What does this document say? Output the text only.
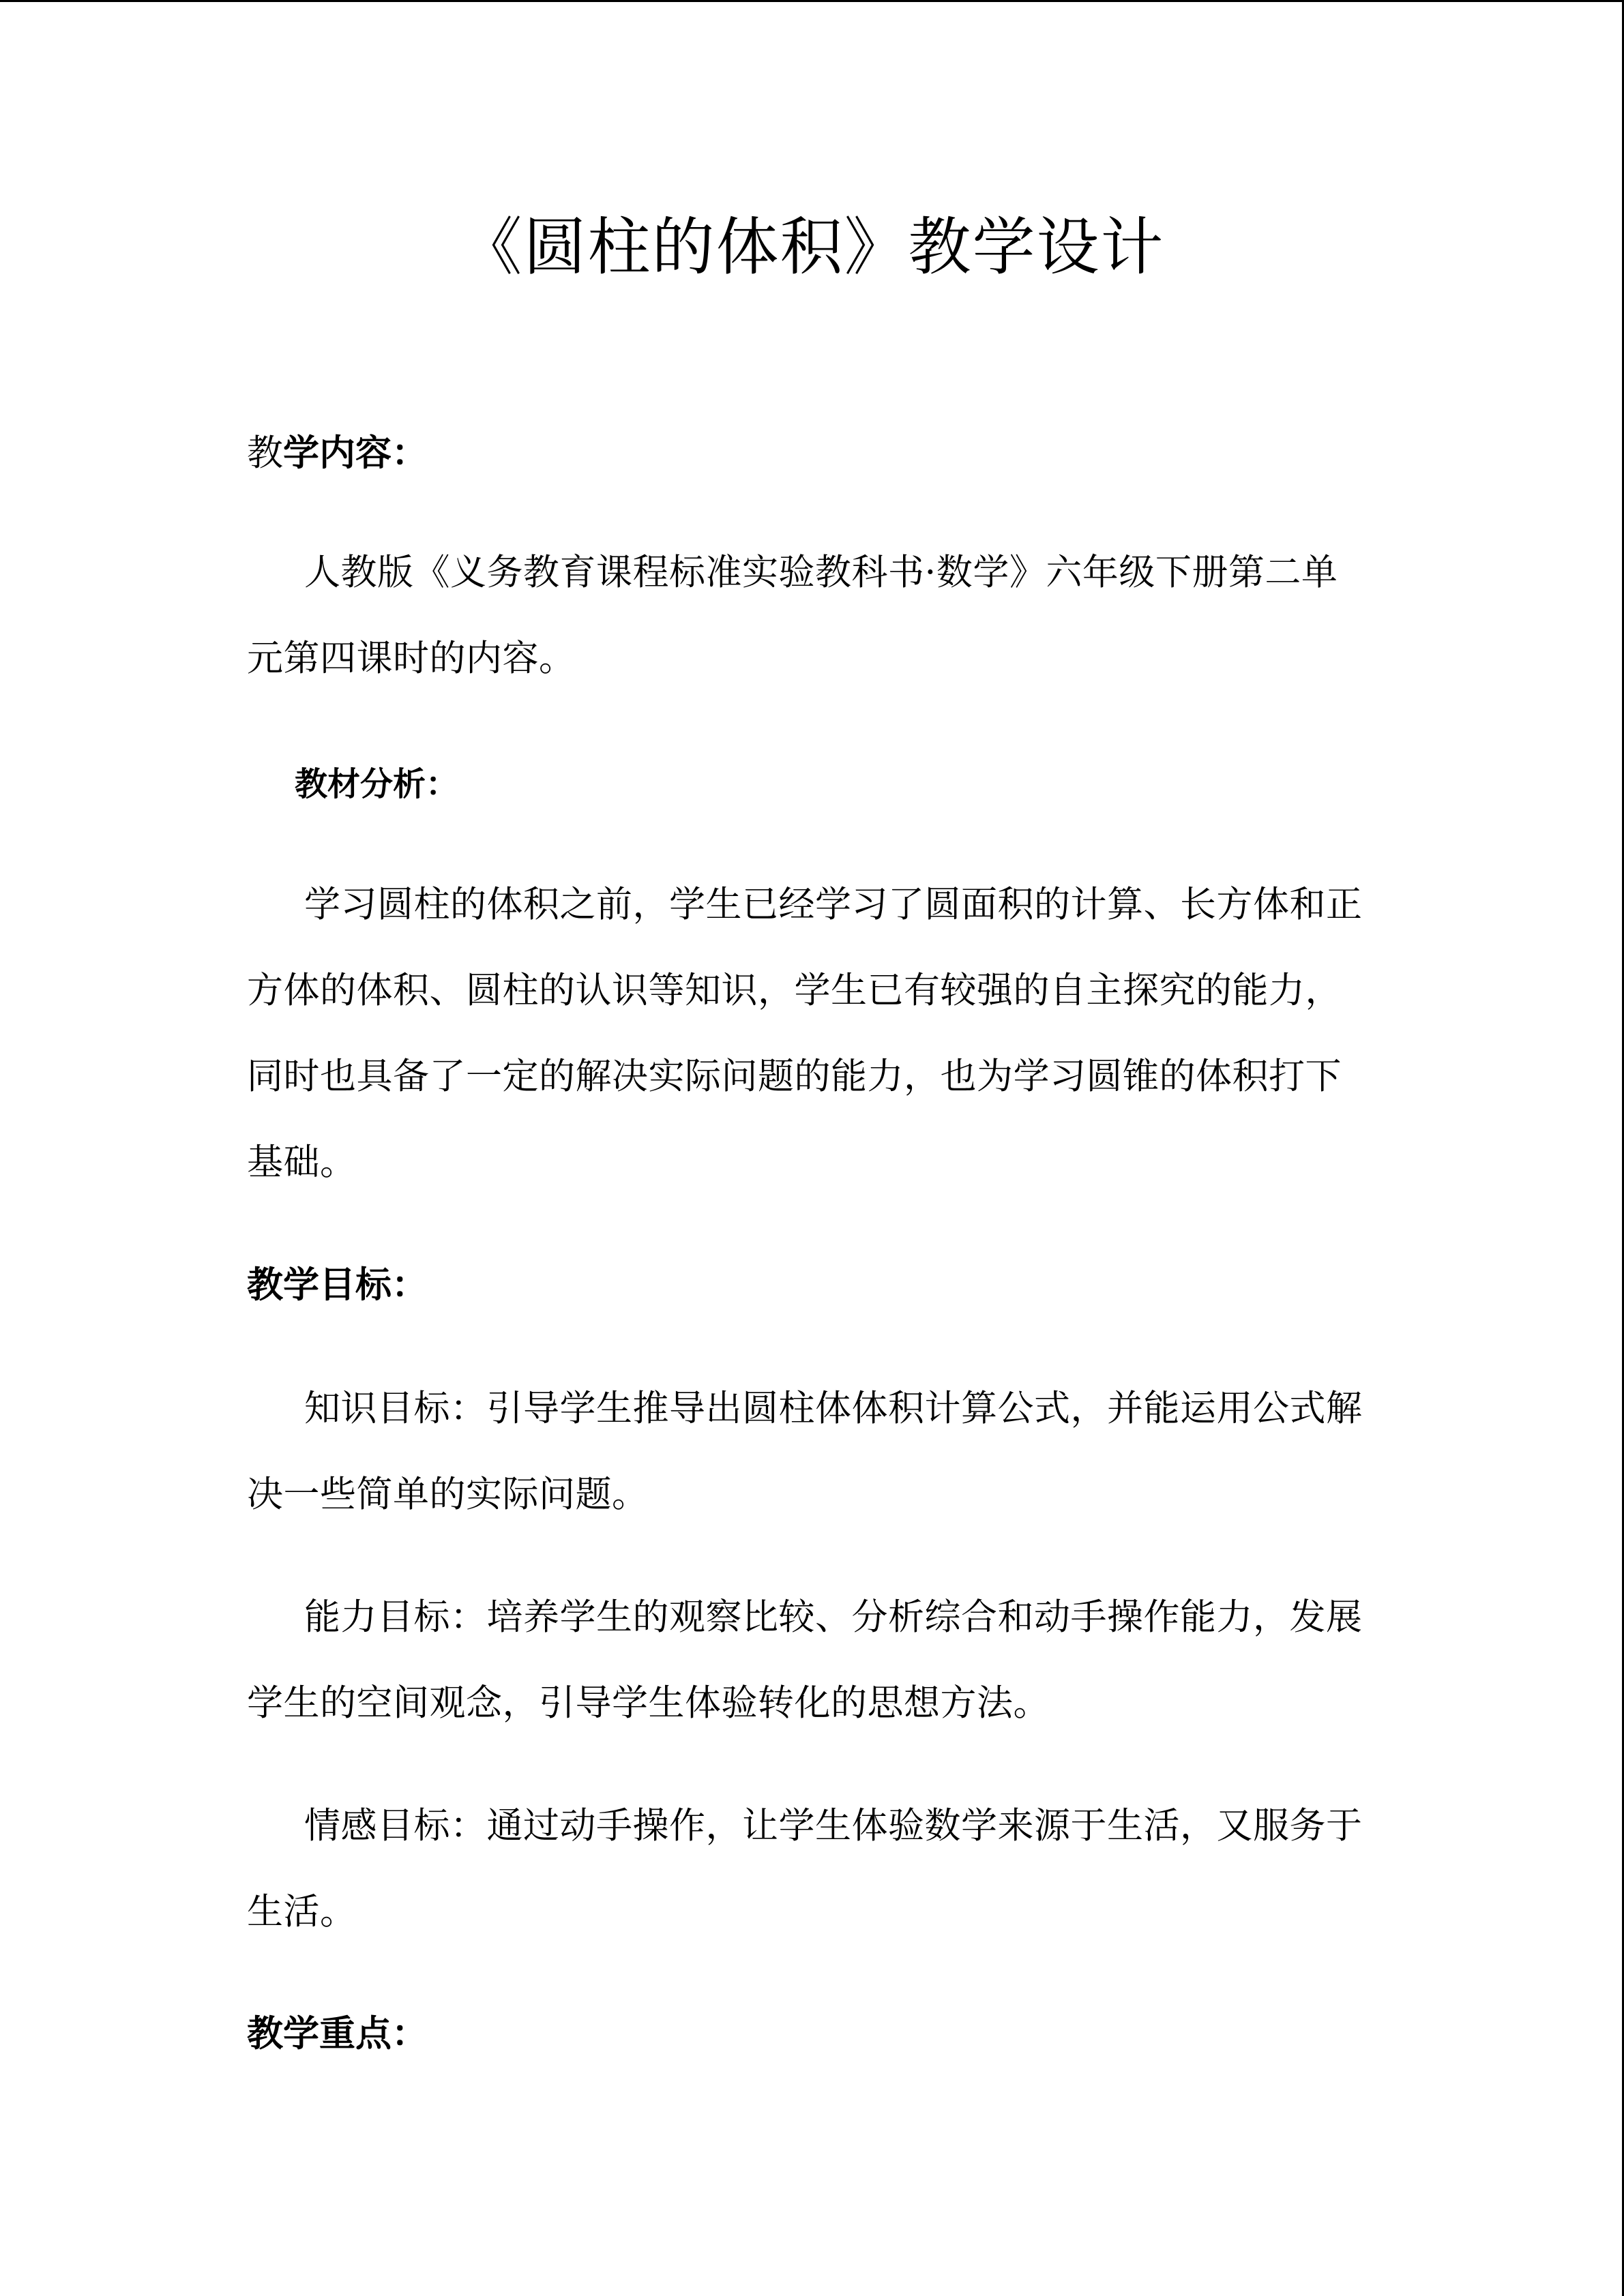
《圆柱的体积》教学设计
教学内容：

人教版《义务教育课程标准实验教科书·数学》六年级下册第二单元第四课时的内容。

教材分析：

学习圆柱的体积之前，学生已经学习了圆面积的计算、长方体和正方体的体积、圆柱的认识等知识，学生已有较强的自主探究的能力，同时也具备了一定的解决实际问题的能力，也为学习圆锥的体积打下基础。

教学目标：

知识目标：引导学生推导出圆柱体体积计算公式，并能运用公式解决一些简单的实际问题。

能力目标：培养学生的观察比较、分析综合和动手操作能力，发展学生的空间观念，引导学生体验转化的思想方法。

情感目标：通过动手操作，让学生体验数学来源于生活，又服务于生活。

教学重点：
